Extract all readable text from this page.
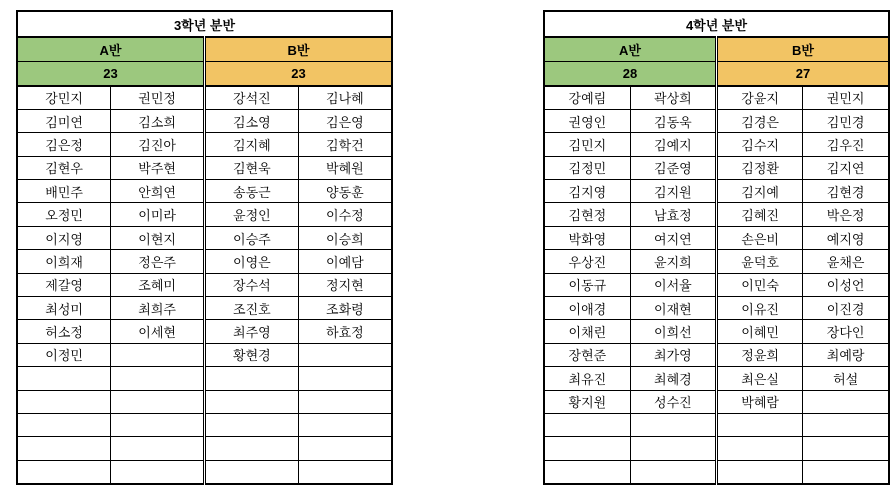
3학년 분반			
A반		B반	
23		23	
강민지	권민정	강석진	김나혜
김미연	김소희	김소영	김은영
김은정	김진아	김지혜	김학건
김현우	박주현	김현욱	박혜원
배민주	안희연	송동근	양동훈
오정민	이미라	윤정인	이수정
이지영	이현지	이승주	이승희
이희재	정은주	이영은	이예담
제갈영	조혜미	장수석	정지현
최성미	최희주	조진호	조화령
허소정	이세현	최주영	하효정
이정민		황현경	

4학년 분반			
A반		B반	
28		27	
강예림	곽상희	강윤지	권민지
권영인	김동욱	김경은	김민경
김민지	김예지	김수지	김우진
김정민	김준영	김정환	김지연
김지영	김지원	김지예	김현경
김현정	남효정	김혜진	박은정
박화영	여지연	손은비	예지영
우상진	윤지희	윤덕호	윤채은
이동규	이서율	이민숙	이성언
이애경	이재현	이유진	이진경
이채린	이희선	이혜민	장다인
장현준	최가영	정윤희	최예랑
최유진	최혜경	최은실	허설
황지원	성수진	박혜람	
